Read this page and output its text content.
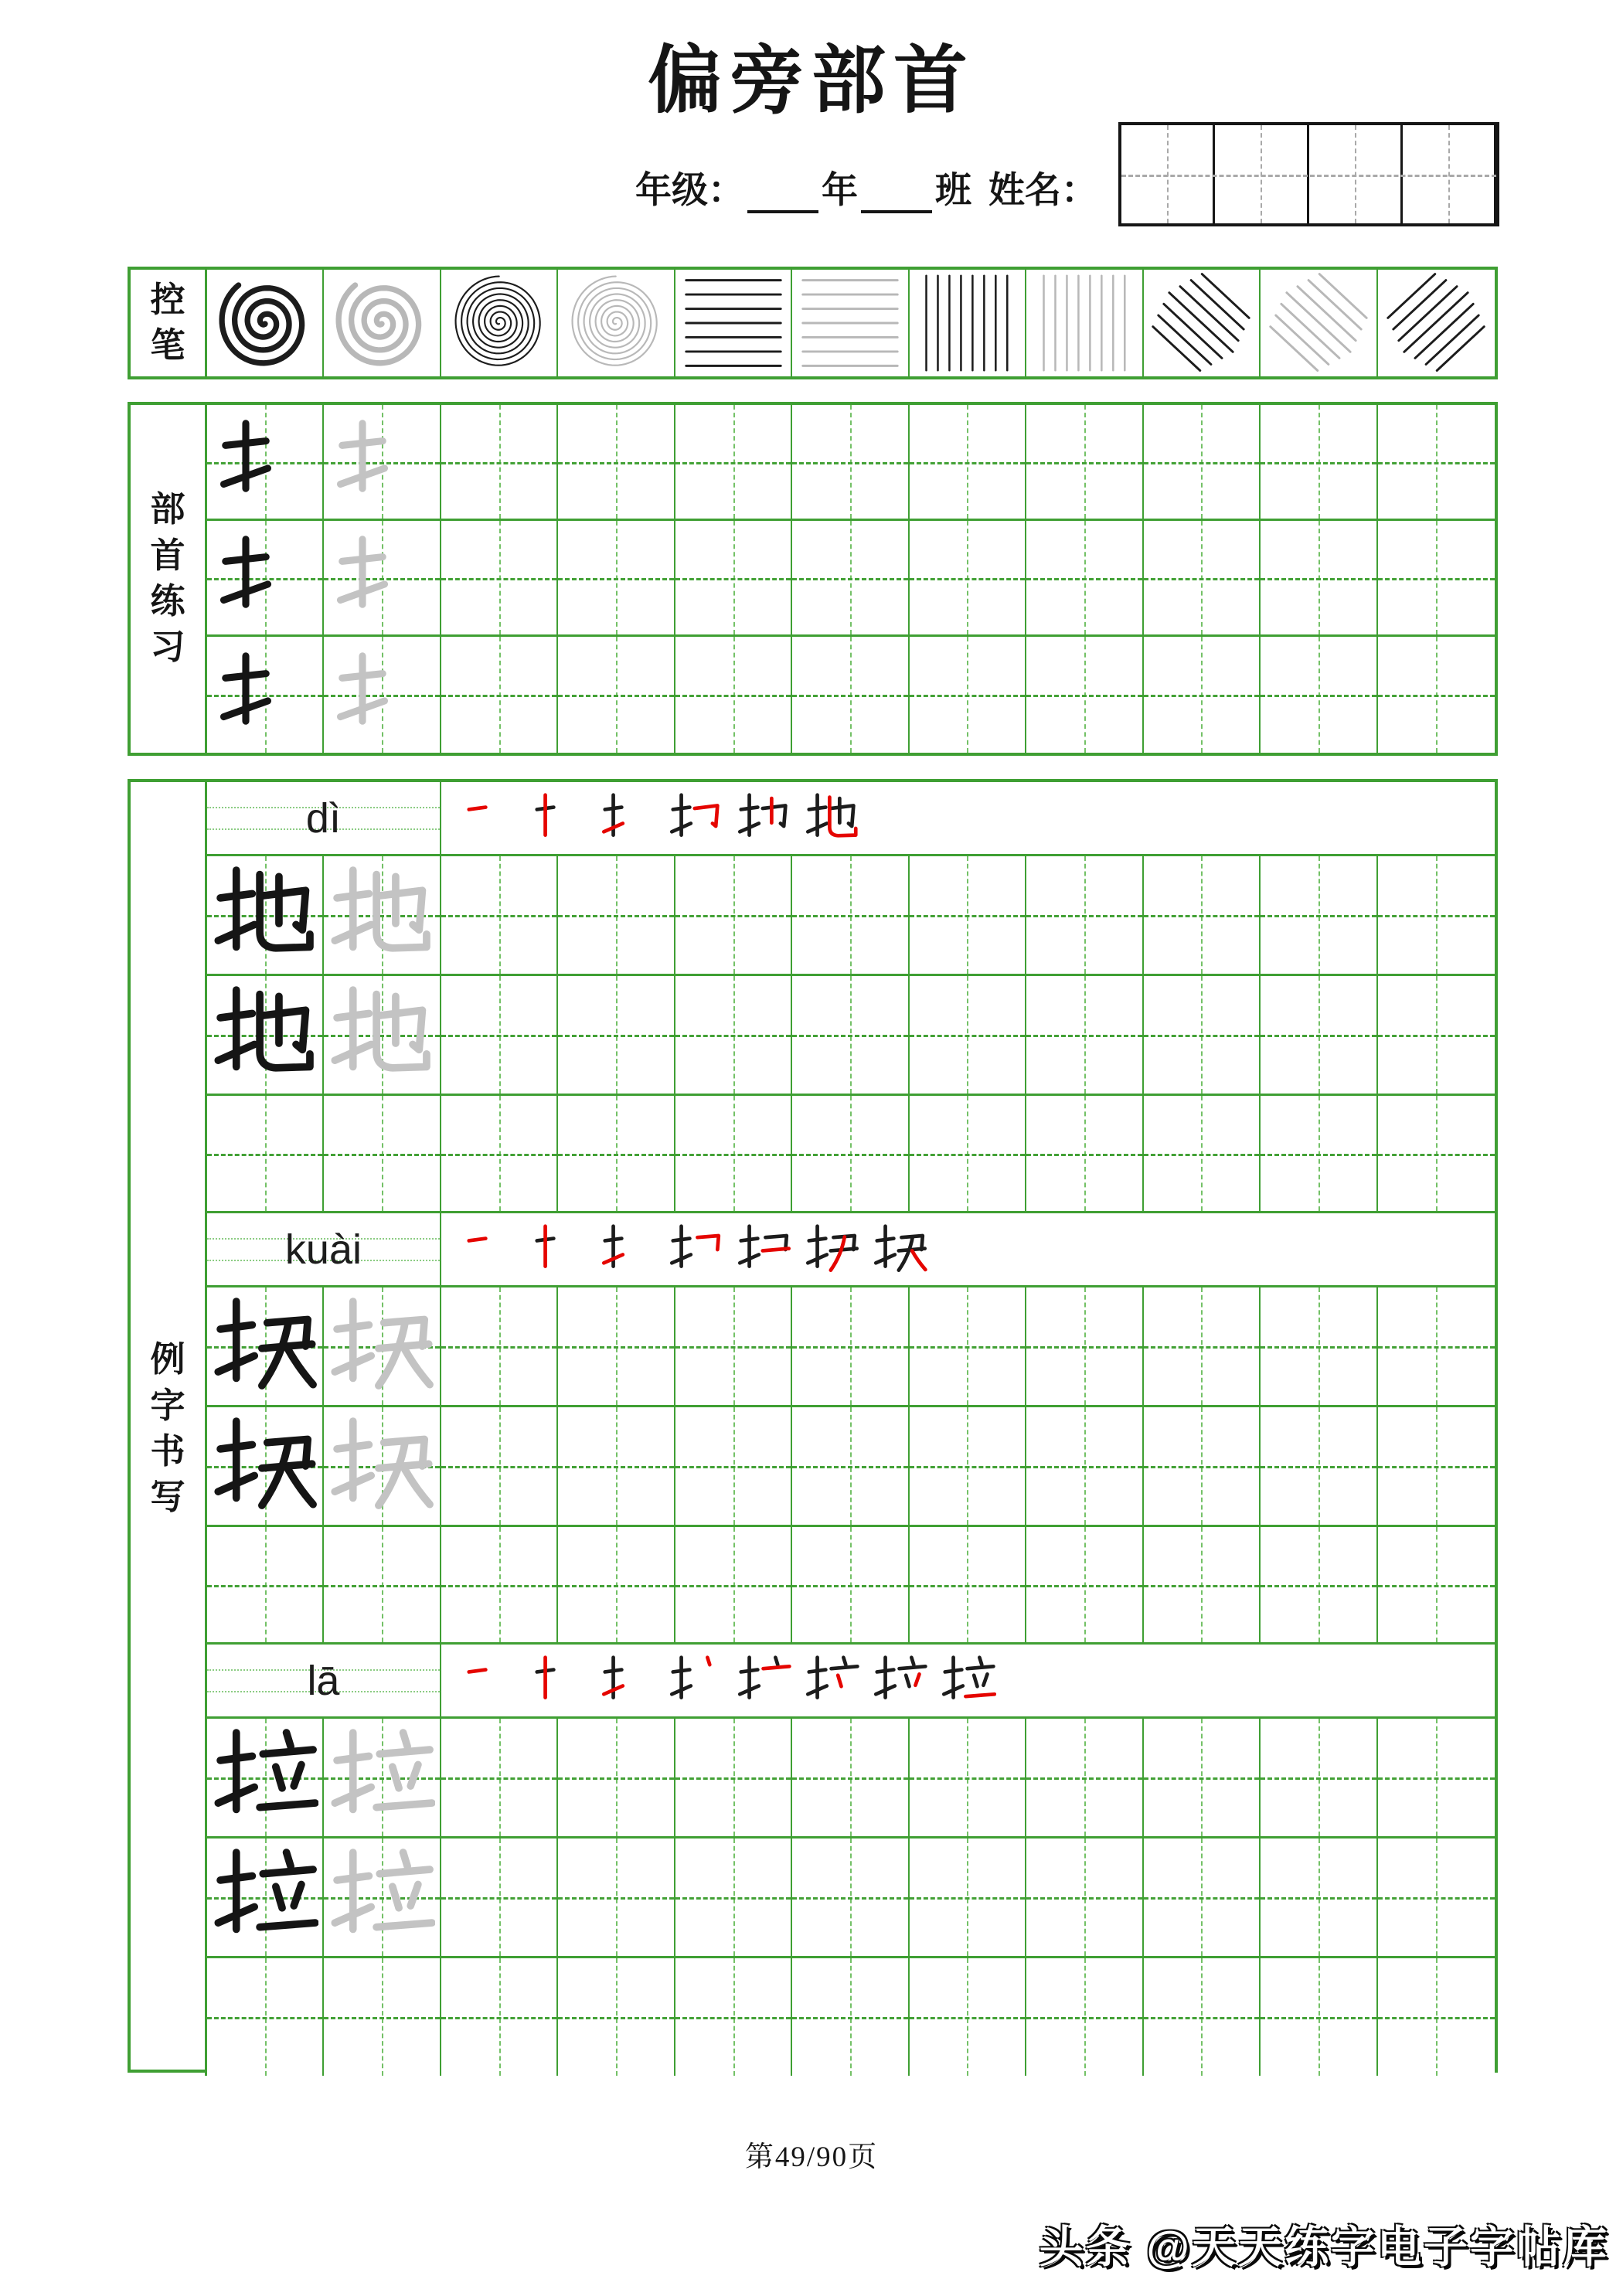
偏旁部首
年级： 年 班 姓名：
控
笔
部
首
练
习
例
字
书
写
dì
kuài
lā
第49/90页
头条 @天天练字电子字帖库
